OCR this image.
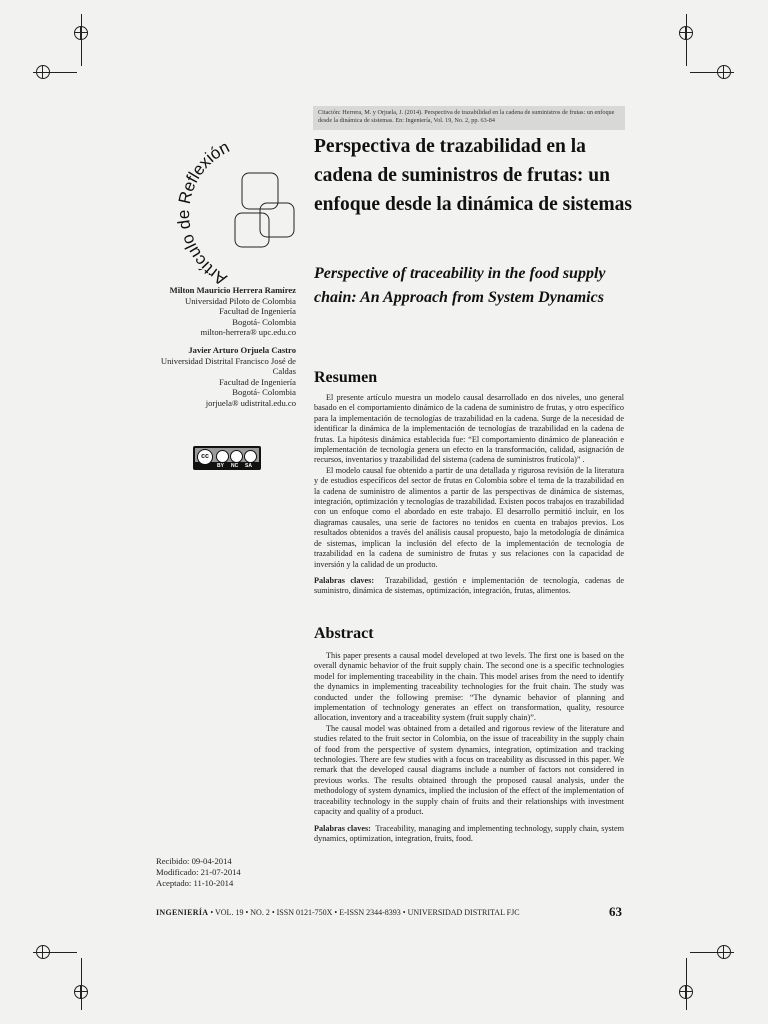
Artículo de Reflexión
Citación: Herrera, M. y Orjuela, J. (2014). Perspectiva de trazabilidad en la cadena de suministros de frutas: un enfoque desde la dinámica de sistemas. En: Ingeniería, Vol. 19, No. 2, pp. 63-84
Perspectiva de trazabilidad en la cadena de suministros de frutas: un enfoque desde la dinámica de sistemas
Perspective of traceability in the food supply chain: An Approach from System Dynamics
Milton Mauricio Herrera Ramírez
Universidad Piloto de Colombia
Facultad de Ingeniería
Bogotá- Colombia
milton-herrera® upc.edu.co
Javier Arturo Orjuela Castro
Universidad Distrital Francisco José de Caldas
Facultad de Ingeniería
Bogotá- Colombia
jorjuela® udistrital.edu.co
cc
BY NC SA
Resumen

El presente artículo muestra un modelo causal desarrollado en dos niveles, uno general basado en el comportamiento dinámico de la cadena de suministro de frutas, y otro específico para la implementación de tecnologías de trazabilidad en la cadena. Surge de la necesidad de identificar la dinámica de la implementación de tecnologías de trazabilidad en la cadena de frutas. La hipótesis dinámica establecida fue: “El comportamiento dinámico de planeación e implementación de tecnología genera un efecto en la transformación, calidad, asignación de recursos, inventarios y trazabilidad del sistema (cadena de suministros frutícola)” .

El modelo causal fue obtenido a partir de una detallada y rigurosa revisión de la literatura y de estudios específicos del sector de frutas en Colombia sobre el tema de la trazabilidad en la cadena de suministro de alimentos a partir de las perspectivas de dinámica de sistemas, integración, optimización y tecnologías de trazabilidad. Existen pocos trabajos en trazabilidad con un enfoque como el abordado en este trabajo. El desarrollo permitió incluir, en los diagramas causales, una serie de factores no tenidos en cuenta en trabajos previos. Los resultados obtenidos a través del análisis causal propuesto, bajo la metodología de dinámica de sistemas, implican la inclusión del efecto de la implementación de tecnología de trazabilidad en la cadena de suministro de frutas y sus relaciones con la capacidad de inversión y la calidad de un producto.

Palabras claves: Trazabilidad, gestión e implementación de tecnología, cadenas de suministro, dinámica de sistemas, optimización, integración, frutas, alimentos.

Abstract

This paper presents a causal model developed at two levels. The first one is based on the overall dynamic behavior of the fruit supply chain. The second one is a specific technologies model for implementing traceability in the chain. This model arises from the need to identify the dynamics in implementing traceability technologies for the fruit chain. The study was conducted under the following premise: “The dynamic behavior of planning and implementation of technology generates an effect on transformation, quality, resource allocation, inventory and a traceability system (fruit supply chain)”.

The causal model was obtained from a detailed and rigorous review of the literature and studies related to the fruit sector in Colombia, on the issue of traceability in the supply chain of food from the perspective of system dynamics, integration, optimization and tracking technologies. There are few studies with a focus on traceability as discussed in this paper. We remark that the developed causal diagrams include a number of factors not considered in previous works. The results obtained through the proposed causal analysis, under the methodology of system dynamics, implied the inclusion of the effect of the implementation of traceability technology in the supply chain of fruits and their relationships with investment capacity and quality of a product.

Palabras claves: Traceability, managing and implementing technology, supply chain, system dynamics, optimization, integration, fruits, food.

Recibido: 09-04-2014
Modificado: 21-07-2014
Aceptado: 11-10-2014
INGENIERÍA • VOL. 19 • NO. 2 • ISSN 0121-750X • E-ISSN 2344-8393 • UNIVERSIDAD DISTRITAL FJC	63
